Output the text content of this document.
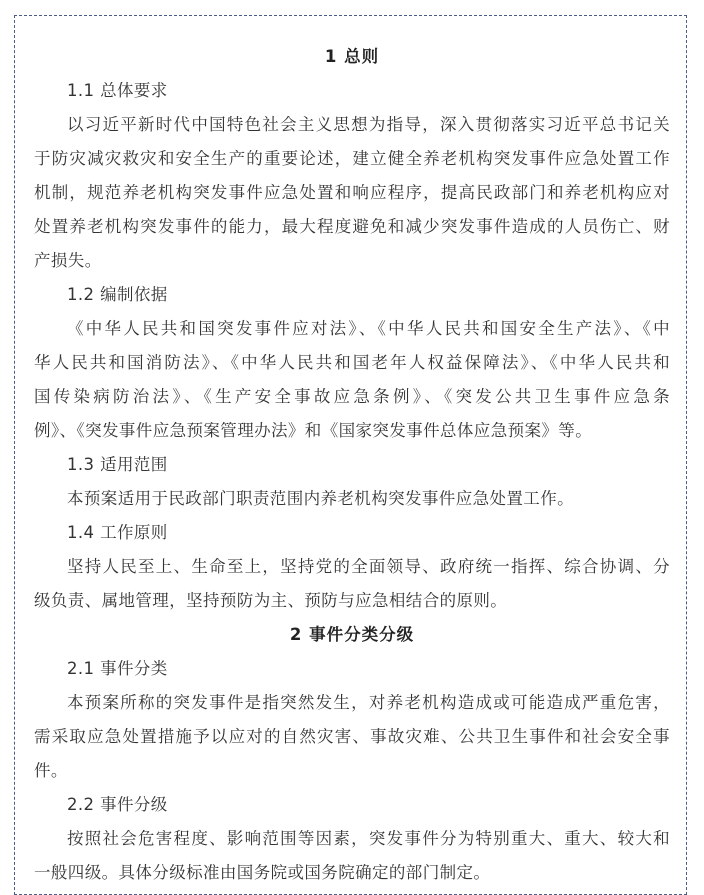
1 总则
1.1 总体要求
以习近平新时代中国特色社会主义思想为指导，深入贯彻落实习近平总书记关
于防灾减灾救灾和安全生产的重要论述，建立健全养老机构突发事件应急处置工作
机制，规范养老机构突发事件应急处置和响应程序，提高民政部门和养老机构应对
处置养老机构突发事件的能力，最大程度避免和减少突发事件造成的人员伤亡、财
产损失。
1.2 编制依据
《中华人民共和国突发事件应对法》、《中华人民共和国安全生产法》、《中
华人民共和国消防法》、《中华人民共和国老年人权益保障法》、《中华人民共和
国传染病防治法》、《生产安全事故应急条例》、《突发公共卫生事件应急条
例》、《突发事件应急预案管理办法》和《国家突发事件总体应急预案》等。
1.3 适用范围
本预案适用于民政部门职责范围内养老机构突发事件应急处置工作。
1.4 工作原则
坚持人民至上、生命至上，坚持党的全面领导、政府统一指挥、综合协调、分
级负责、属地管理，坚持预防为主、预防与应急相结合的原则。
2 事件分类分级
2.1 事件分类
本预案所称的突发事件是指突然发生，对养老机构造成或可能造成严重危害，
需采取应急处置措施予以应对的自然灾害、事故灾难、公共卫生事件和社会安全事
件。
2.2 事件分级
按照社会危害程度、影响范围等因素，突发事件分为特别重大、重大、较大和
一般四级。具体分级标准由国务院或国务院确定的部门制定。
